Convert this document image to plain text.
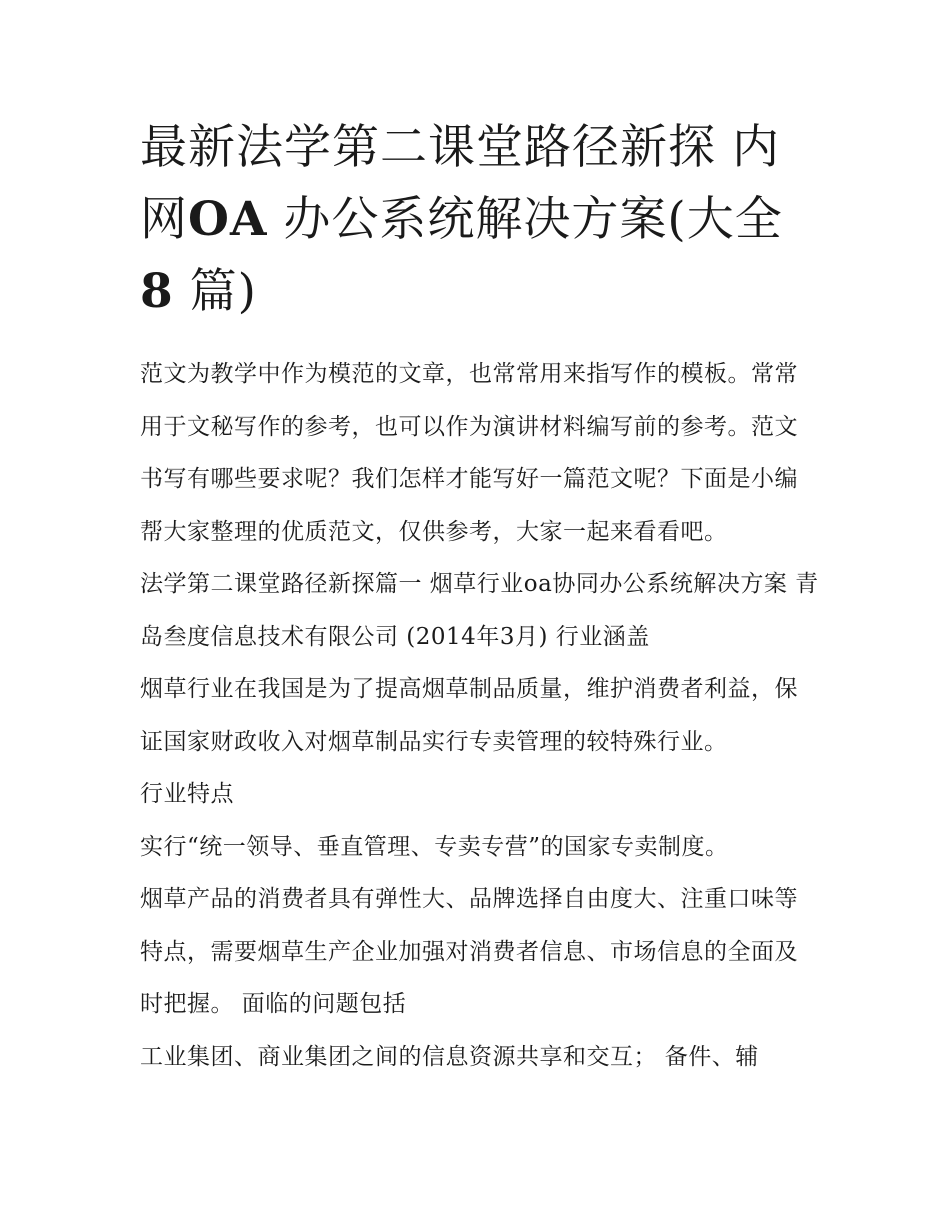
最新法学第二课堂路径新探 内网OA 办公系统解决方案(大全
8 篇)

范文为教学中作为模范的文章，也常常用来指写作的模板。常常用于文秘写作的参考，也可以作为演讲材料编写前的参考。范文书写有哪些要求呢？我们怎样才能写好一篇范文呢？下面是小编帮大家整理的优质范文，仅供参考，大家一起来看看吧。

法学第二课堂路径新探篇一 烟草行业oa协同办公系统解决方案 青岛叁度信息技术有限公司 (2014年3月) 行业涵盖

烟草行业在我国是为了提高烟草制品质量，维护消费者利益，保证国家财政收入对烟草制品实行专卖管理的较特殊行业。

行业特点

实行“统一领导、垂直管理、专卖专营”的国家专卖制度。

烟草产品的消费者具有弹性大、品牌选择自由度大、注重口味等特点，需要烟草生产企业加强对消费者信息、市场信息的全面及时把握。 面临的问题包括

工业集团、商业集团之间的信息资源共享和交互； 备件、辅
